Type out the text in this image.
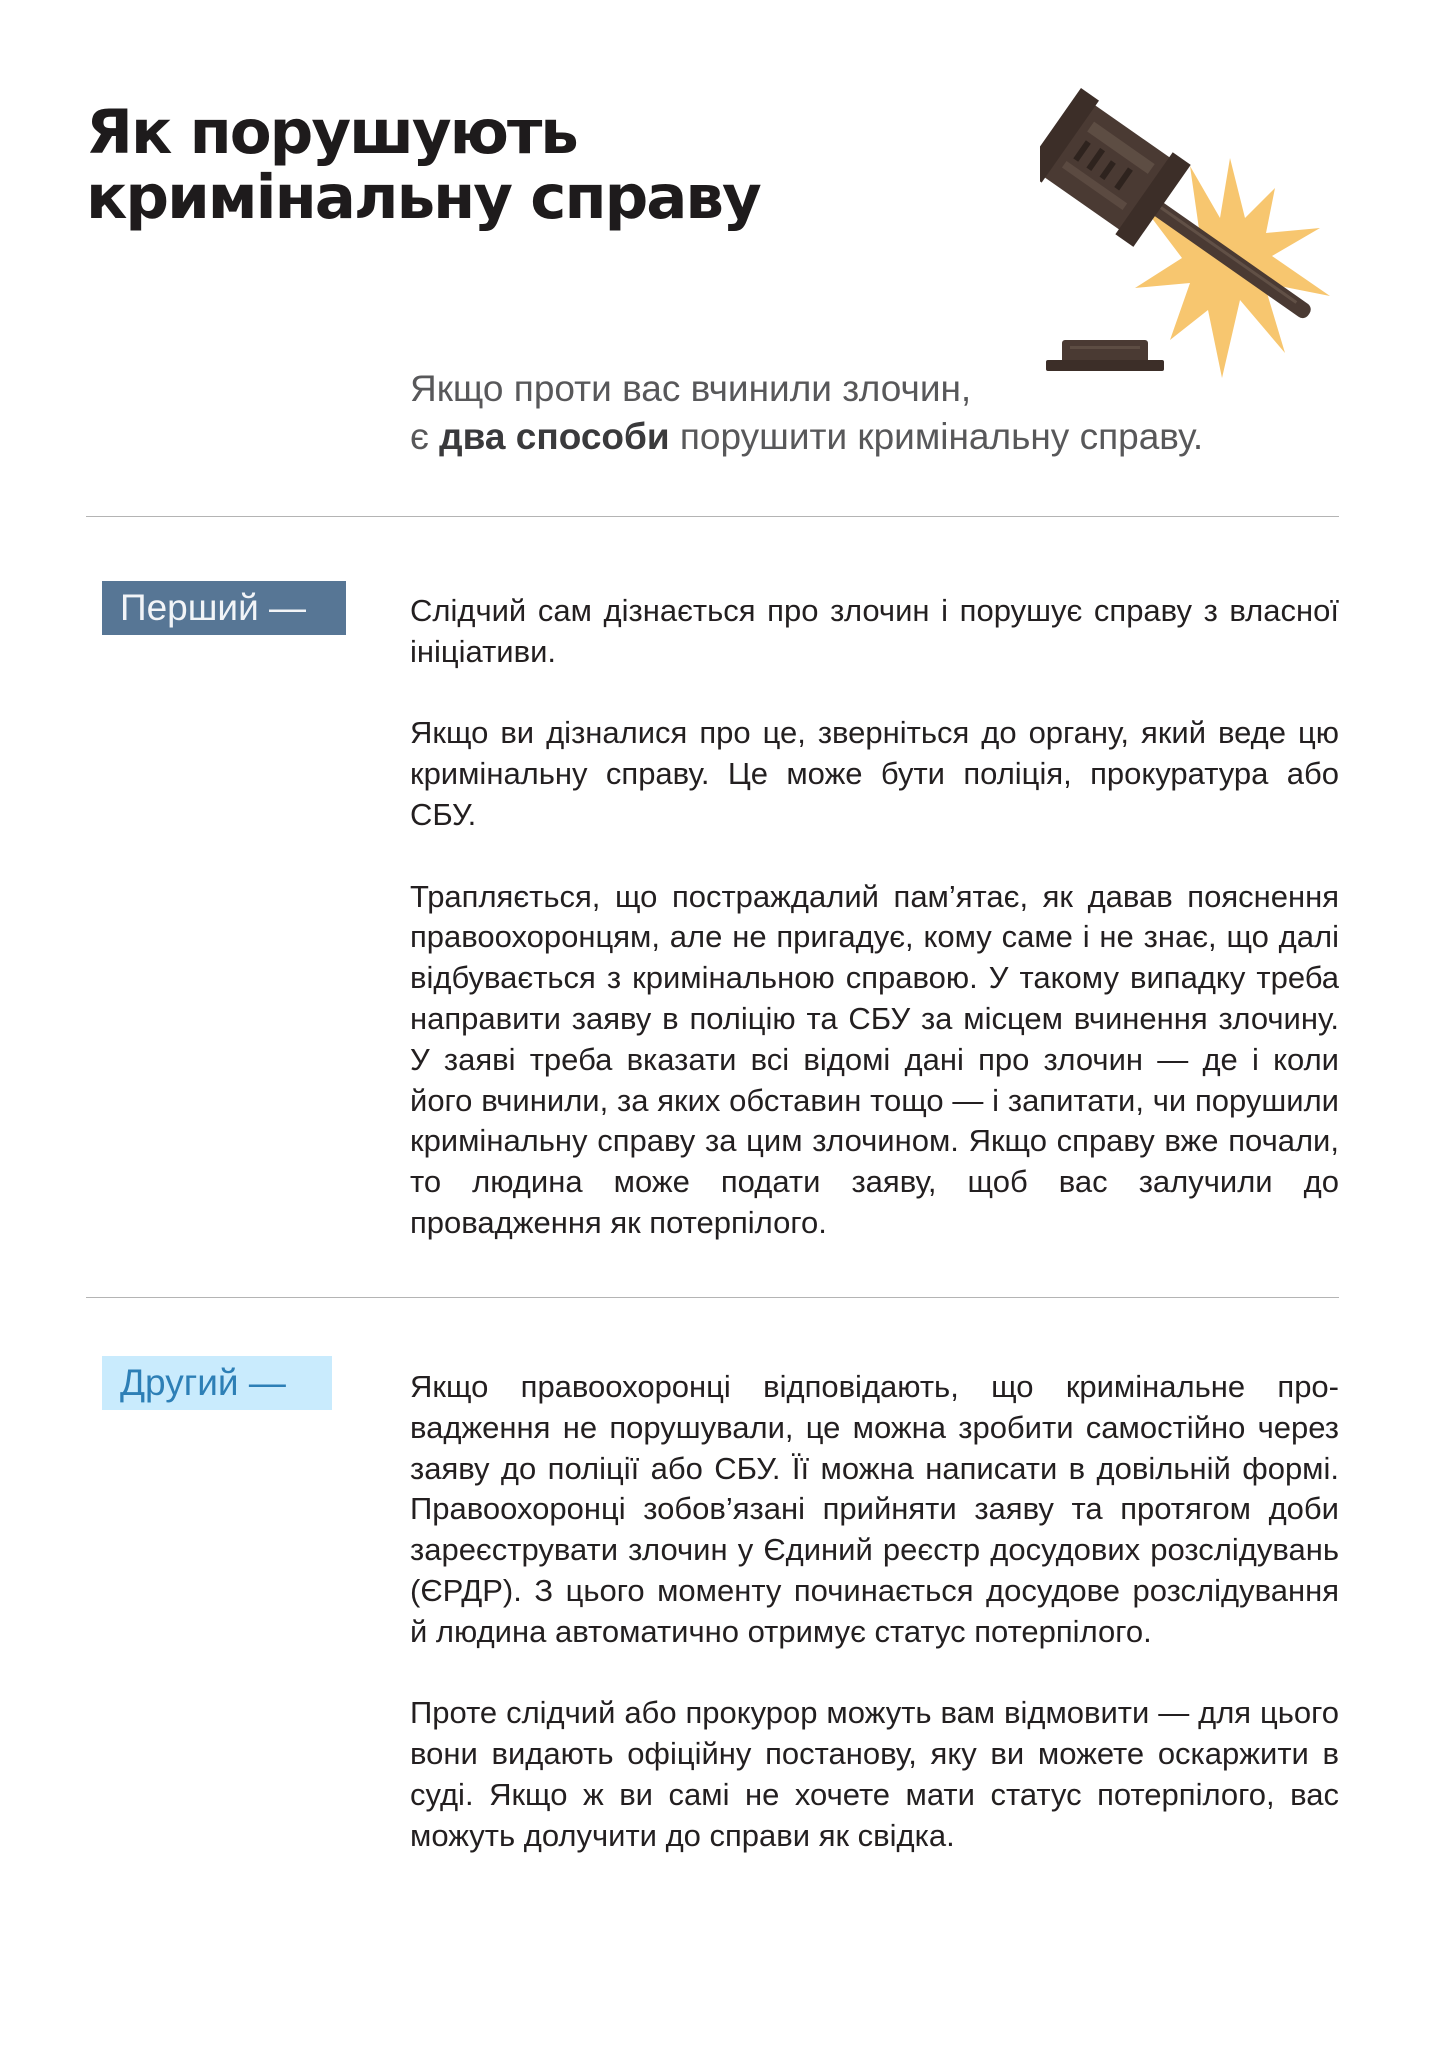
Як порушують
кримінальну справу
Якщо проти вас вчинили злочин,
є два способи порушити кримінальну справу.
Перший —	Слідчий сам дізнається про злочин і порушує справу з власної ініціативи.

Якщо ви дізналися про це, зверніться до органу, який веде цю кримінальну справу. Це може бути поліція, прокуратура або СБУ.

Трапляється, що постраждалий пам’ятає, як давав пояснення правоохоронцям, але не пригадує, кому саме і не знає, що далі відбувається з кримінальною справою. У такому випадку треба направити заяву в поліцію та СБУ за місцем вчинення злочину. У заяві треба вказати всі відомі дані про злочин — де і коли його вчинили, за яких обставин тощо — і запитати, чи порушили кримінальну справу за цим злочином. Якщо справу вже почали, то людина може подати заяву, щоб вас залучили до провадження як потерпілого.

Другий —	Якщо правоохоронці відповідають, що кримінальне провадження не порушували, це можна зробити самостійно через заяву до поліції або СБУ. Її можна написати в довільній формі. Правоохоронці зобов’язані прийняти заяву та протягом доби зареєструвати злочин у Єдиний реєстр досудових розслідувань (ЄРДР). З цього моменту починається досудове розслідування й людина автоматично отримує статус потерпілого.

Проте слідчий або прокурор можуть вам відмовити — для цього вони видають офіційну постанову, яку ви можете оскаржити в суді. Якщо ж ви самі не хочете мати статус потерпілого, вас можуть долучити до справи як свідка.
